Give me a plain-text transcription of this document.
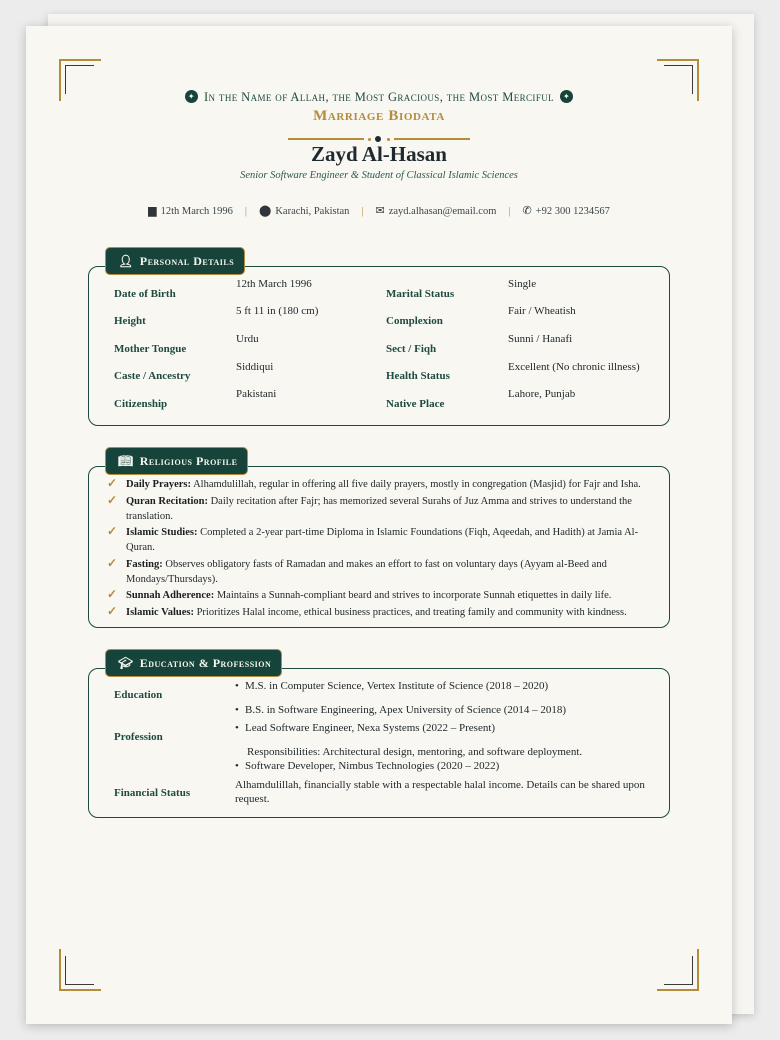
✦ In the Name of Allah, the Most Gracious, the Most Merciful ✦
Marriage Biodata
Zayd Al-Hasan
Senior Software Engineer & Student of Classical Islamic Sciences
▆ 12th March 1996 | ⬤ Karachi, Pakistan | ✉ zayd.alhasan@email.com | ✆ +92 300 1234567
👤︎ Personal Details
Date of Birth
12th March 1996
Height
5 ft 11 in (180 cm)
Mother Tongue
Urdu
Caste / Ancestry
Siddiqui
Citizenship
Pakistani
Marital Status
Single
Complexion
Fair / Wheatish
Sect / Fiqh
Sunni / Hanafi
Health Status
Excellent (No chronic illness)
Native Place
Lahore, Punjab
📖︎ Religious Profile
✓ Daily Prayers: Alhamdulillah, regular in offering all five daily prayers, mostly in congregation (Masjid) for Fajr and Isha.
✓ Quran Recitation: Daily recitation after Fajr; has memorized several Surahs of Juz Amma and strives to understand the translation.
✓ Islamic Studies: Completed a 2-year part-time Diploma in Islamic Foundations (Fiqh, Aqeedah, and Hadith) at Jamia Al-Quran.
✓ Fasting: Observes obligatory fasts of Ramadan and makes an effort to fast on voluntary days (Ayyam al-Beed and Mondays/Thursdays).
✓ Sunnah Adherence: Maintains a Sunnah-compliant beard and strives to incorporate Sunnah etiquettes in daily life.
✓ Islamic Values: Prioritizes Halal income, ethical business practices, and treating family and community with kindness.
🎓︎ Education & Profession
Education
• M.S. in Computer Science, Vertex Institute of Science (2018 – 2020)
• B.S. in Software Engineering, Apex University of Science (2014 – 2018)
Profession
• Lead Software Engineer, Nexa Systems (2022 – Present)
Responsibilities: Architectural design, mentoring, and software deployment.
• Software Developer, Nimbus Technologies (2020 – 2022)
Financial Status
Alhamdulillah, financially stable with a respectable halal income. Details can be shared upon request.
